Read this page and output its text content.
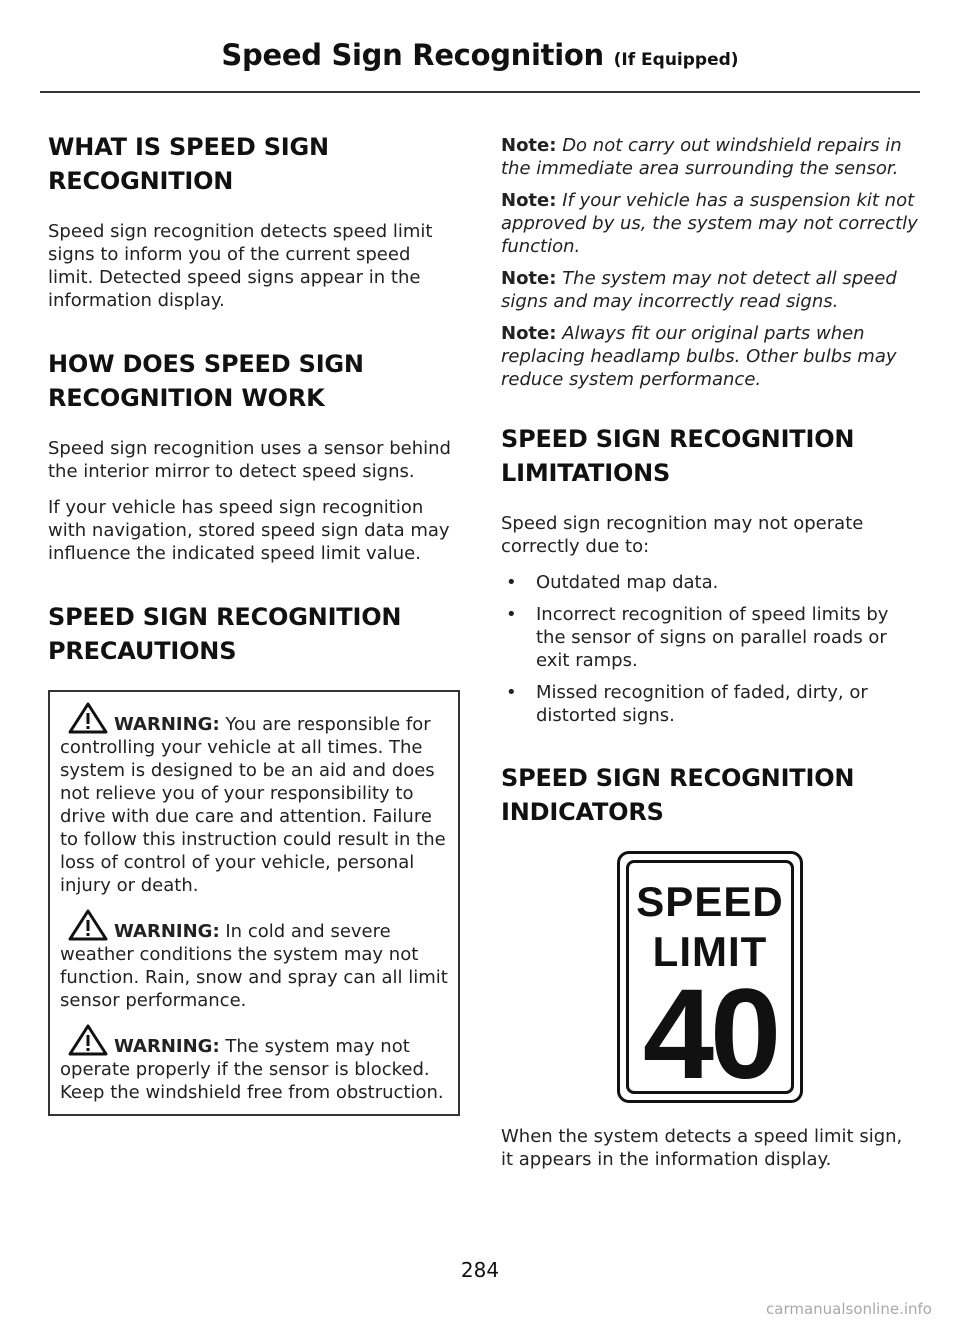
Speed Sign Recognition (If Equipped)
WHAT IS SPEED SIGN
RECOGNITION

Speed sign recognition detects speed limit signs to inform you of the current speed limit. Detected speed signs appear in the information display.

HOW DOES SPEED SIGN
RECOGNITION WORK

Speed sign recognition uses a sensor behind the interior mirror to detect speed signs.

If your vehicle has speed sign recognition with navigation, stored speed sign data may influence the indicated speed limit value.

SPEED SIGN RECOGNITION
PRECAUTIONS

WARNING: You are responsible for controlling your vehicle at all times. The system is designed to be an aid and does not relieve you of your responsibility to drive with due care and attention. Failure to follow this instruction could result in the loss of control of your vehicle, personal injury or death.

WARNING: In cold and severe weather conditions the system may not function. Rain, snow and spray can all limit sensor performance.

WARNING: The system may not operate properly if the sensor is blocked. Keep the windshield free from obstruction.

Note: Do not carry out windshield repairs in the immediate area surrounding the sensor.

Note: If your vehicle has a suspension kit not approved by us, the system may not correctly function.

Note: The system may not detect all speed signs and may incorrectly read signs.

Note: Always fit our original parts when replacing headlamp bulbs. Other bulbs may reduce system performance.

SPEED SIGN RECOGNITION
LIMITATIONS

Speed sign recognition may not operate correctly due to:

• Outdated map data.
• Incorrect recognition of speed limits by the sensor of signs on parallel roads or exit ramps.
• Missed recognition of faded, dirty, or distorted signs.
SPEED SIGN RECOGNITION
INDICATORS
SPEED
LIMIT
40

When the system detects a speed limit sign, it appears in the information display.

284
carmanualsonline.info
